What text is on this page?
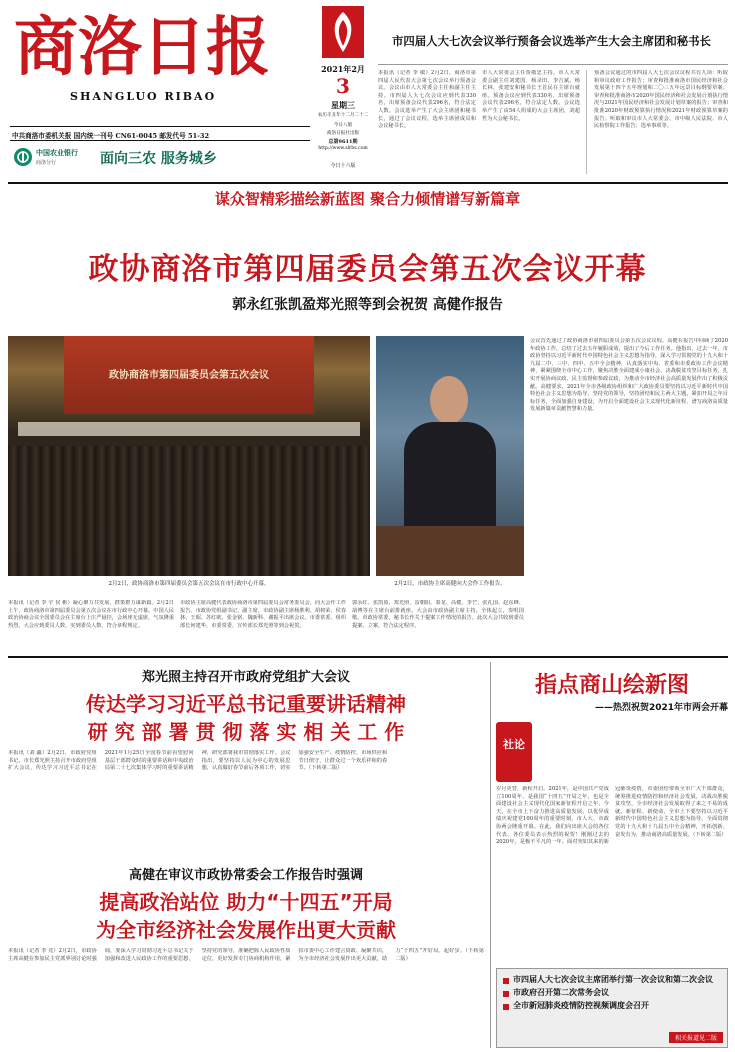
商洛日报
SHANGLUO RIBAO
中共商洛市委机关报 国内统一刊号 CN61-0045 邮发代号 51-32
中国农业银行
商洛分行	面向三农 服务城乡
2021年2月
3
星期三
农历辛丑年十二月二十二
今日八版
商洛日报社出版
总第9611期
http://www.slrbs.com
今日十六版
市四届人大七次会议举行预备会议选举产生大会主席团和秘书长
本报讯（记者 李 敏）2月2日，商洛市第四届人民代表大会第七次会议举行预备会议。会议由市人大常委会主任和副主任主持。市四届人大七次会议应到代表330名，出席预备会议代表296名，符合法定人数。会议选举产生了大会主席团和秘书长，通过了会议议程，选举主席团成员和会议秘书长。
市人大常委会主任贾敬忠主持。市人大常委会副主任刘建国、杨录田、李吉斌、杨长林、张建安和秘书长王首民在主席台就座。预备会议应到代表330名，出席预备会议代表296名，符合法定人数。会议选举产生了由54人组成的大会主席团，刘超哲为大会秘书长。
预备会议通过的市四届人大七次会议议程共有九项：听取和审议政府工作报告；审查和批准商洛市国民经济和社会发展第十四个五年规划和二〇三五年远景目标纲要草案；审查和批准商洛市2020年国民经济和社会发展计划执行情况与2021年国民经济和社会发展计划草案的报告；审查和批准2020年财政预算执行情况和2021年财政预算草案的报告；听取和审议市人大常委会、市中级人民法院、市人民检察院工作报告；选举事项等。
谋众智精彩描绘新蓝图 聚合力倾情谱写新篇章
政协商洛市第四届委员会第五次会议开幕
郭永红张凯盈郑光照等到会祝贺 高健作报告
政协商洛市第四届委员会第五次会议
2月2日，政协商洛市第四届委员会第五次会议在市行政中心开幕。	2月2日，市政协主席高健向大会作工作报告。
会议首先通过了政协商洛市第四届委员会第五次会议议程。高健在报告中回顾了2020年政协工作，总结了过去五年履职成效，提出了今后工作任务。他指出，过去一年，市政协坚持以习近平新时代中国特色社会主义思想为指导，深入学习贯彻党的十九大和十九届二中、三中、四中、五中全会精神，认真落实中央、省委和市委政协工作会议精神，紧紧围绕全市中心工作，聚焦决胜全面建成小康社会、决战脱贫攻坚目标任务，扎实开展协商议政、民主监督和参政议政，为推动全市经济社会高质量发展作出了积极贡献。高健要求，2021年全市各级政协组织和广大政协委员要坚持以习近平新时代中国特色社会主义思想为指导，坚持党的领导，坚持团结和民主两大主题，紧扣开局之年目标任务，全面加强自身建设，为开启全面建设社会主义现代化新征程、谱写商洛高质量发展新篇章贡献智慧和力量。
本报讯（记者 李 宇 侯 彬）凝心聚力共发展，群策群力谋新篇。2月2日上午，政协商洛市第四届委员会第五次会议在市行政中心开幕。中国人民政治协商会议全国委员会在主席台上庄严悬挂，会场座无虚席，气氛隆重热烈。大会应到委员人数，实到委员人数，符合章程规定。
市政协主席高健代表政协商洛市第四届委员会常务委员会，向大会作工作报告。市政协党组副书记、副主席，市政协副主席杨胜利、胡树荣、侯春林、王昭、苏红欧、张金铭、魏新科、谢振平出席会议。市委常委、组织部长何建华，市委常委、宣传部长郑光照等到会祝贺。
郭永红、张凯盈、郑光照、雷朝阳、秦龙、高健、李芒、张礼国、赵东峰、胡博等在主席台前排就座。大会由市政协副主席主持。全体起立，奏唱国歌。市政协常委、秘书长作关于提案工作情况的报告。此次大会共收到委员提案，立案，符合法定程序。
郑光照主持召开市政府党组扩大会议
传达学习习近平总书记重要讲话精神
研 究 部 署 贯 彻 落 实 相 关 工 作
本报讯（刘 疆）2月2日，市政府党组书记、市长郑光照主持召开市政府党组扩大会议，传达学习习近平总书记在2021年1月25日全国春节前看望慰问基层干部群众时的重要讲话和中央政治局第二十七次集体学习时的重要讲话精神，研究部署我市贯彻落实工作。会议指出，要坚持以人民为中心的发展思想，认真做好春节前后各项工作，切实加强安全生产、疫情防控、市场供应和节日值守，让群众过一个欢乐祥和的春节。（下转第二版）
高健在审议市政协常委会工作报告时强调
提高政治站位 助力“十四五”开局
为全市经济社会发展作出更大贡献
本报讯（记者 李 竞）2月2日，市政协主席高健在参加民主党派界别讨论时强调，要深入学习贯彻习近平总书记关于加强和改进人民政协工作的重要思想，坚持党的领导，准确把握人民政协性质定位，更好发挥专门协商机构作用，紧扣市委中心工作建言资政、凝聚共识，为全市经济社会发展作出更大贡献，助力“十四五”开好局、起好步。（下转第二版）
指点商山绘新图
——热烈祝贺2021年市两会开幕
社论
岁月更替，新程开启。2021年，是中国共产党成立100周年，是我国“十四五”开局之年，也是全面建设社会主义现代化国家新征程开启之年。今天，在全市上下奋力推进高质量发展，以优异成绩庆祝建党100周年的重要时刻，市人大、市政协两会隆重开幕。在此，我们向出席大会的各位代表、各位委员表示热烈的祝贺！刚刚过去的2020年，是极不平凡的一年。面对突如其来的新冠肺炎疫情，市委团结带领全市广大干部群众，统筹推进疫情防控和经济社会发展，决战决胜脱贫攻坚，全市经济社会发展取得了来之不易的成就。新征程、新使命，全市上下要坚持以习近平新时代中国特色社会主义思想为指导，全面贯彻党的十九大和十九届五中全会精神，开拓创新、奋发有为，推动商洛高质量发展。（下转第二版）
市四届人大七次会议主席团举行第一次会议和第二次会议
市政府召开第二次常务会议
全市新冠肺炎疫情防控视频调度会召开
相关报道见二版
